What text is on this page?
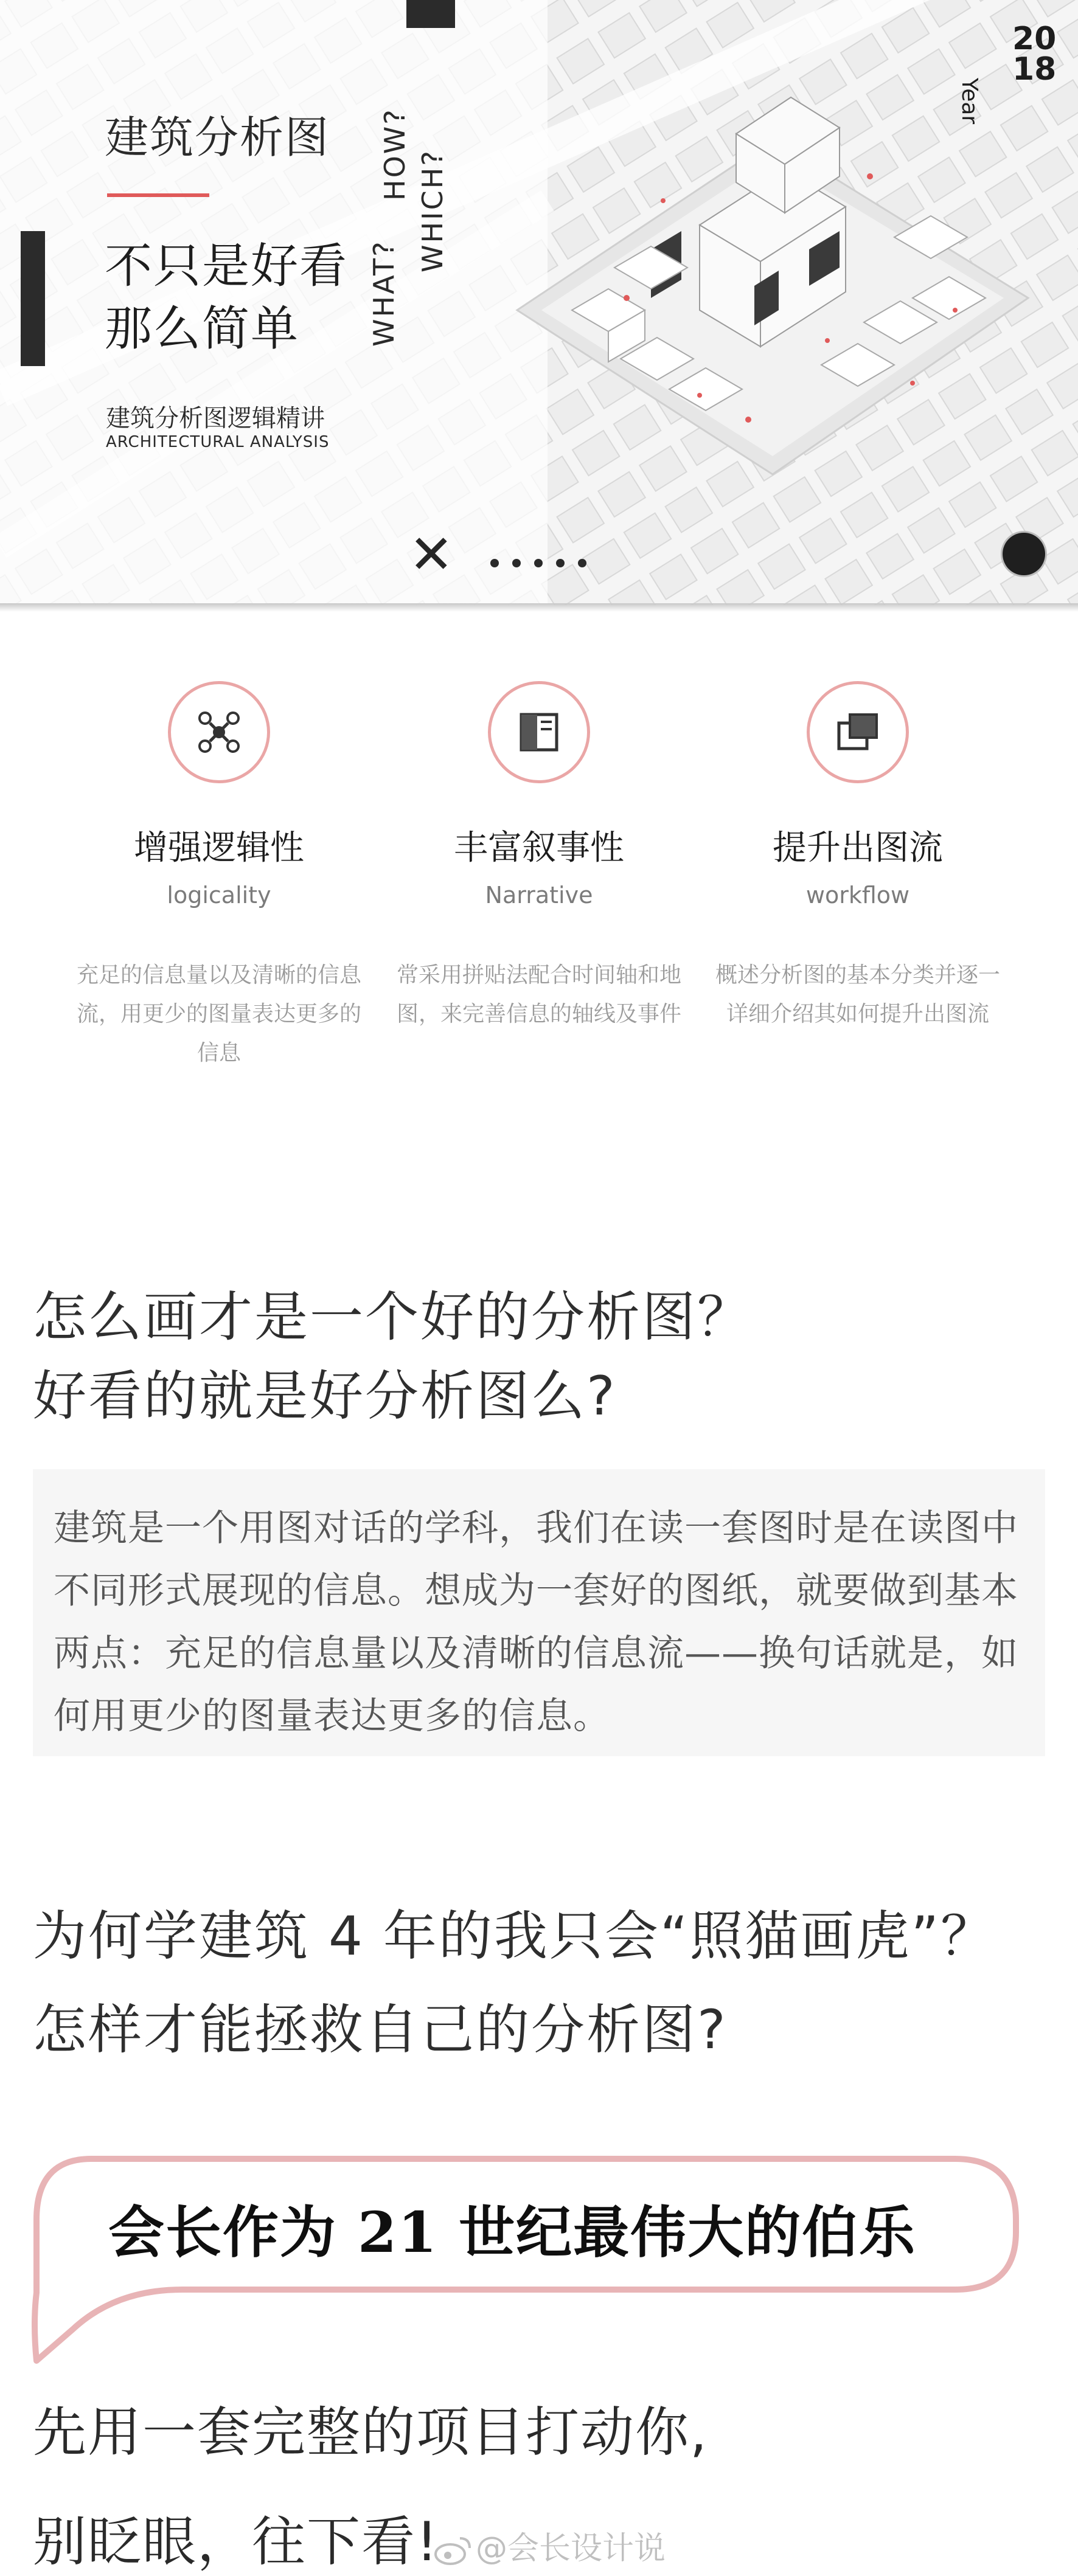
建筑分析图
不只是好看
那么简单
建筑分析图逻辑精讲
ARCHITECTURAL ANALYSIS
WHAT?
WHICH?
HOW?
Year
20
18
✕
增强逻辑性
logicality
充足的信息量以及清晰的信息流，用更少的图量表达更多的信息
丰富叙事性
Narrative
常采用拼贴法配合时间轴和地图，来完善信息的轴线及事件
提升出图流
workflow
概述分析图的基本分类并逐一详细介绍其如何提升出图流
怎么画才是一个好的分析图？
好看的就是好分析图么?
建筑是一个用图对话的学科，我们在读一套图时是在读图中不同形式展现的信息。想成为一套好的图纸，就要做到基本两点：充足的信息量以及清晰的信息流——换句话就是，如何用更少的图量表达更多的信息。
为何学建筑 4 年的我只会“照猫画虎”？
怎样才能拯救自己的分析图?
会长作为 21 世纪最伟大的伯乐
先用一套完整的项目打动你,
别眨眼，往下看!	@会长设计说
